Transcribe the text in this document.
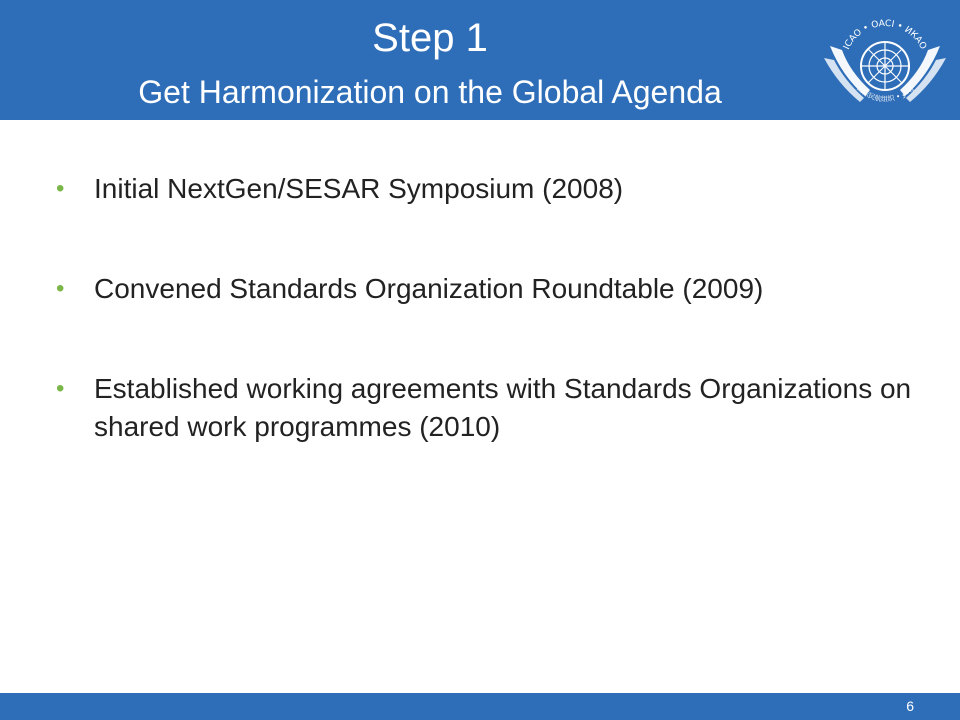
Step 1
Get Harmonization on the Global Agenda
ICAO • OACI • ИКАО
国际民航组织 • إيكاو
• Initial NextGen/SESAR Symposium (2008)
• Convened Standards Organization Roundtable (2009)
• Established working agreements with Standards Organizations on shared work programmes (2010)
6
